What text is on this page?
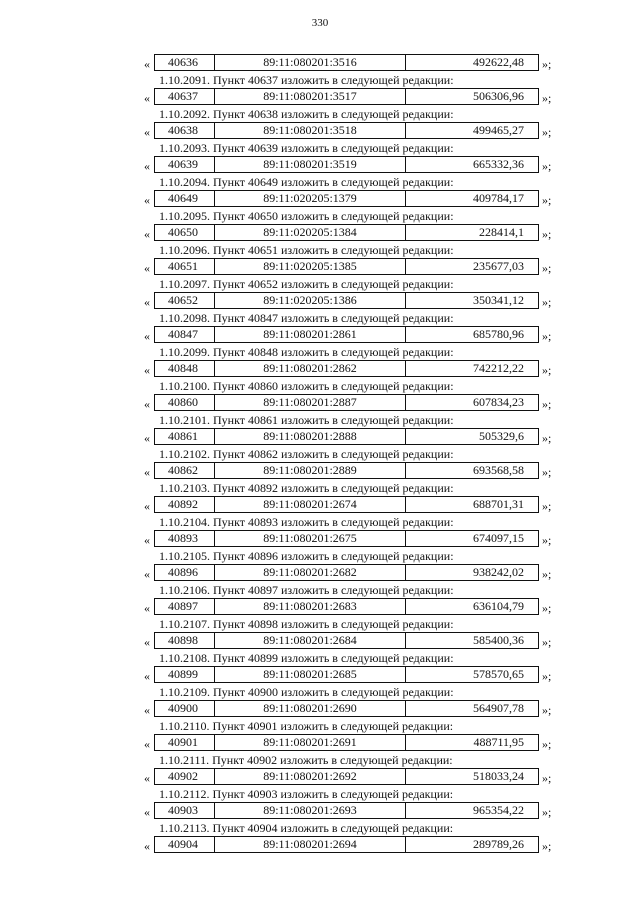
330
«	40636	89:11:080201:3516	492622,48	»;
1.10.2091. Пункт 40637 изложить в следующей редакции:
«	40637	89:11:080201:3517	506306,96	»;
1.10.2092. Пункт 40638 изложить в следующей редакции:
«	40638	89:11:080201:3518	499465,27	»;
1.10.2093. Пункт 40639 изложить в следующей редакции:
«	40639	89:11:080201:3519	665332,36	»;
1.10.2094. Пункт 40649 изложить в следующей редакции:
«	40649	89:11:020205:1379	409784,17	»;
1.10.2095. Пункт 40650 изложить в следующей редакции:
«	40650	89:11:020205:1384	228414,1	»;
1.10.2096. Пункт 40651 изложить в следующей редакции:
«	40651	89:11:020205:1385	235677,03	»;
1.10.2097. Пункт 40652 изложить в следующей редакции:
«	40652	89:11:020205:1386	350341,12	»;
1.10.2098. Пункт 40847 изложить в следующей редакции:
«	40847	89:11:080201:2861	685780,96	»;
1.10.2099. Пункт 40848 изложить в следующей редакции:
«	40848	89:11:080201:2862	742212,22	»;
1.10.2100. Пункт 40860 изложить в следующей редакции:
«	40860	89:11:080201:2887	607834,23	»;
1.10.2101. Пункт 40861 изложить в следующей редакции:
«	40861	89:11:080201:2888	505329,6	»;
1.10.2102. Пункт 40862 изложить в следующей редакции:
«	40862	89:11:080201:2889	693568,58	»;
1.10.2103. Пункт 40892 изложить в следующей редакции:
«	40892	89:11:080201:2674	688701,31	»;
1.10.2104. Пункт 40893 изложить в следующей редакции:
«	40893	89:11:080201:2675	674097,15	»;
1.10.2105. Пункт 40896 изложить в следующей редакции:
«	40896	89:11:080201:2682	938242,02	»;
1.10.2106. Пункт 40897 изложить в следующей редакции:
«	40897	89:11:080201:2683	636104,79	»;
1.10.2107. Пункт 40898 изложить в следующей редакции:
«	40898	89:11:080201:2684	585400,36	»;
1.10.2108. Пункт 40899 изложить в следующей редакции:
«	40899	89:11:080201:2685	578570,65	»;
1.10.2109. Пункт 40900 изложить в следующей редакции:
«	40900	89:11:080201:2690	564907,78	»;
1.10.2110. Пункт 40901 изложить в следующей редакции:
«	40901	89:11:080201:2691	488711,95	»;
1.10.2111. Пункт 40902 изложить в следующей редакции:
«	40902	89:11:080201:2692	518033,24	»;
1.10.2112. Пункт 40903 изложить в следующей редакции:
«	40903	89:11:080201:2693	965354,22	»;
1.10.2113. Пункт 40904 изложить в следующей редакции:
«	40904	89:11:080201:2694	289789,26	»;
